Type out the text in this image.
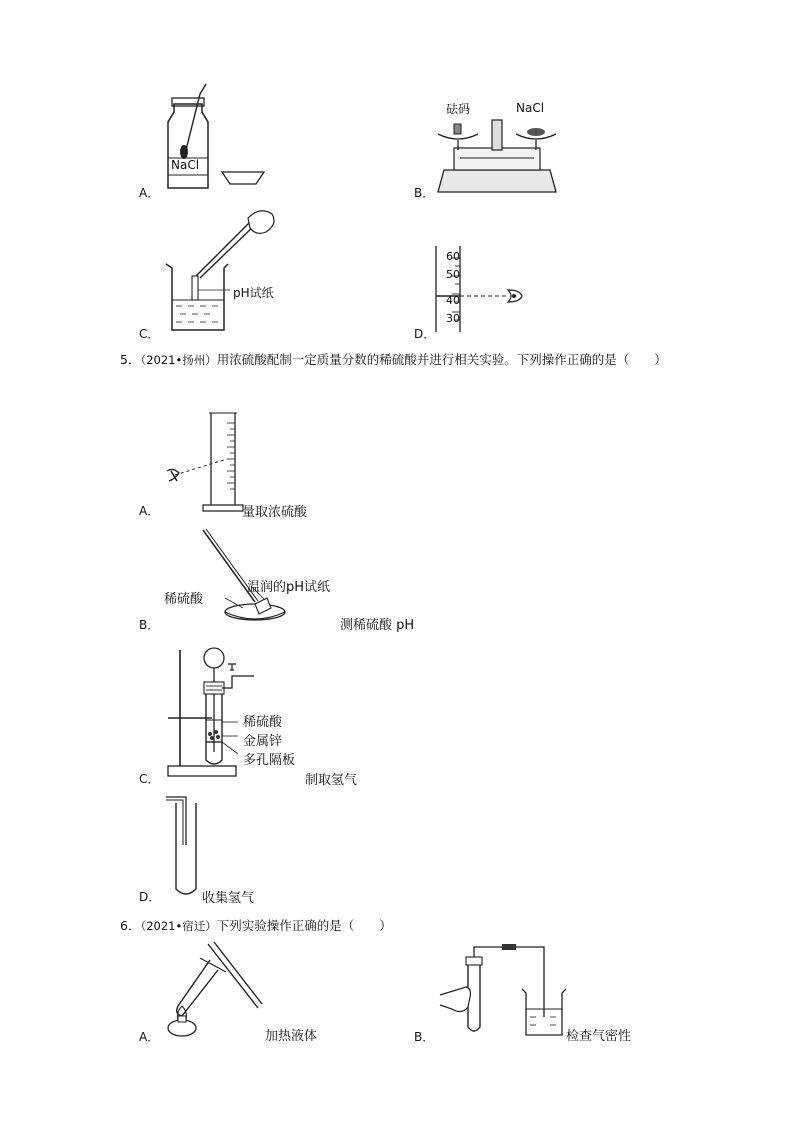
NaCl
A．
砝码	NaCl
B．
pH试纸
C．
60
50
40
30
D．
5．（2021•扬州）用浓硫酸配制一定质量分数的稀硫酸并进行相关实验。下列操作正确的是（　　）
量取浓硫酸
A．
温润的pH试纸
稀硫酸
测稀硫酸 pH
B．
稀硫酸
金属锌
多孔隔板
制取氢气
C．
收集氢气
D．
6．（2021•宿迁）下列实验操作正确的是（　　）
加热液体
A．	检查气密性
B．
